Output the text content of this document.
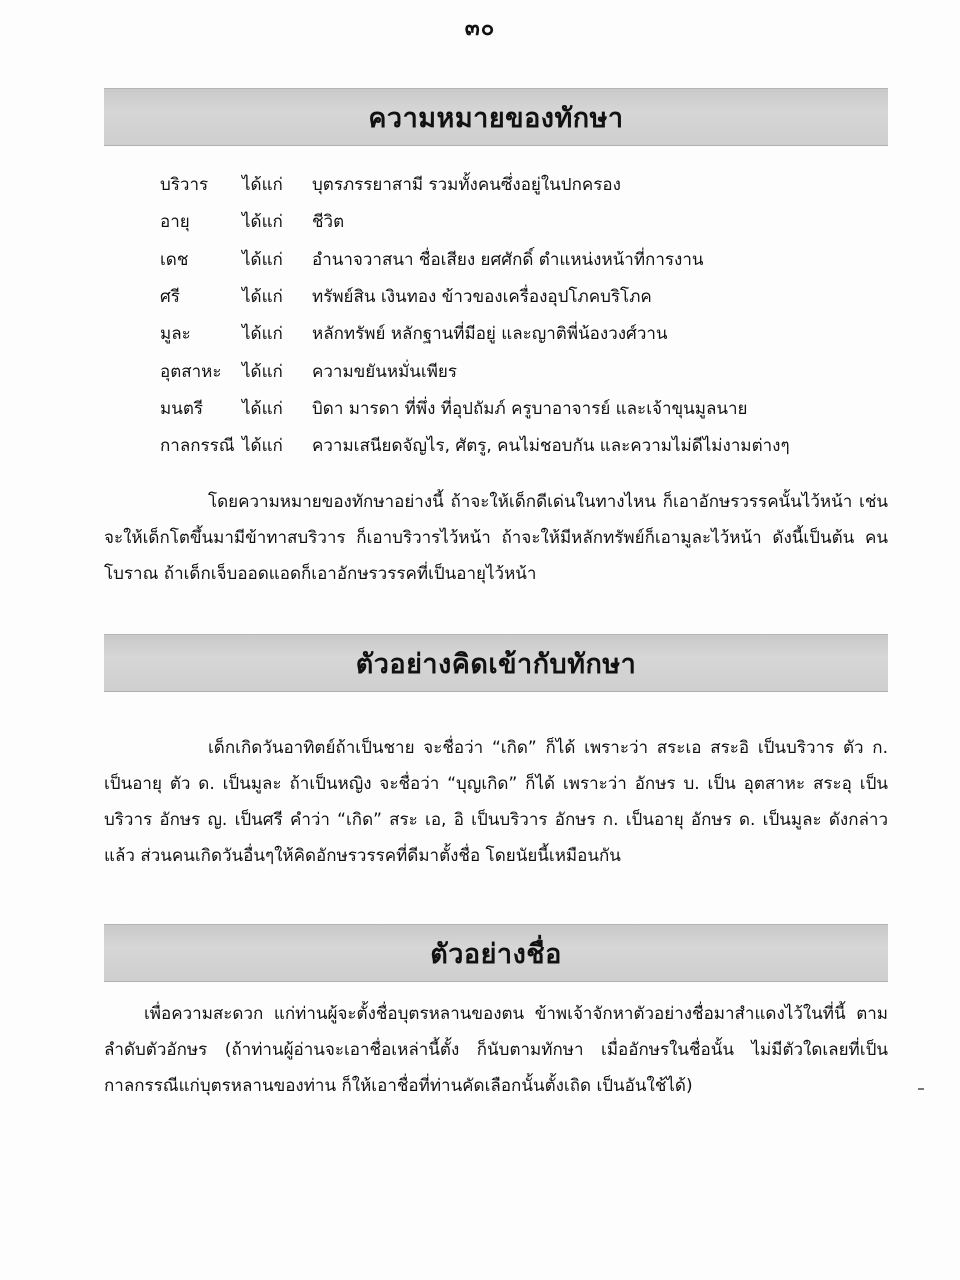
๓๐
ความหมายของทักษา
บริวาร	ได้แก่	บุตรภรรยาสามี รวมทั้งคนซึ่งอยู่ในปกครอง
อายุ	ได้แก่	ชีวิต
เดช	ได้แก่	อำนาจวาสนา ชื่อเสียง ยศศักดิ์ ตำแหน่งหน้าที่การงาน
ศรี	ได้แก่	ทรัพย์สิน เงินทอง ข้าวของเครื่องอุปโภคบริโภค
มูละ	ได้แก่	หลักทรัพย์ หลักฐานที่มีอยู่ และญาติพี่น้องวงศ์วาน
อุตสาหะ	ได้แก่	ความขยันหมั่นเพียร
มนตรี	ได้แก่	บิดา มารดา ที่พึ่ง ที่อุปถัมภ์ ครูบาอาจารย์ และเจ้าขุนมูลนาย
กาลกรรณี ได้แก่	ความเสนียดจัญไร, ศัตรู, คนไม่ชอบกัน และความไม่ดีไม่งามต่างๆ

โดยความหมายของทักษาอย่างนี้ ถ้าจะให้เด็กดีเด่นในทางไหน ก็เอาอักษรวรรคนั้นไว้หน้า เช่น จะให้เด็กโตขึ้นมามีข้าทาสบริวาร ก็เอาบริวารไว้หน้า ถ้าจะให้มีหลักทรัพย์ก็เอามูละไว้หน้า ดังนี้เป็นต้น คนโบราณ ถ้าเด็กเจ็บออดแอดก็เอาอักษรวรรคที่เป็นอายุไว้หน้า

ตัวอย่างคิดเข้ากับทักษา

เด็กเกิดวันอาทิตย์ถ้าเป็นชาย จะชื่อว่า “เกิด” ก็ได้ เพราะว่า สระเอ สระอิ เป็นบริวาร ตัว ก. เป็นอายุ ตัว ด. เป็นมูละ ถ้าเป็นหญิง จะชื่อว่า “บุญเกิด” ก็ได้ เพราะว่า อักษร บ. เป็น อุตสาหะ สระอุ เป็นบริวาร อักษร ญ. เป็นศรี คำว่า “เกิด” สระ เอ, อิ เป็นบริวาร อักษร ก. เป็นอายุ อักษร ด. เป็นมูละ ดังกล่าวแล้ว ส่วนคนเกิดวันอื่นๆให้คิดอักษรวรรคที่ดีมาตั้งชื่อ โดยนัยนี้เหมือนกัน

ตัวอย่างชื่อ

เพื่อความสะดวก แก่ท่านผู้จะตั้งชื่อบุตรหลานของตน ข้าพเจ้าจักหาตัวอย่างชื่อมาสำแดงไว้ในที่นี้ ตามลำดับตัวอักษร (ถ้าท่านผู้อ่านจะเอาชื่อเหล่านี้ตั้ง ก็นับตามทักษา เมื่ออักษรในชื่อนั้น ไม่มีตัวใดเลยที่เป็นกาลกรรณีแก่บุตรหลานของท่าน ก็ให้เอาชื่อที่ท่านคัดเลือกนั้นตั้งเถิด เป็นอันใช้ได้)
